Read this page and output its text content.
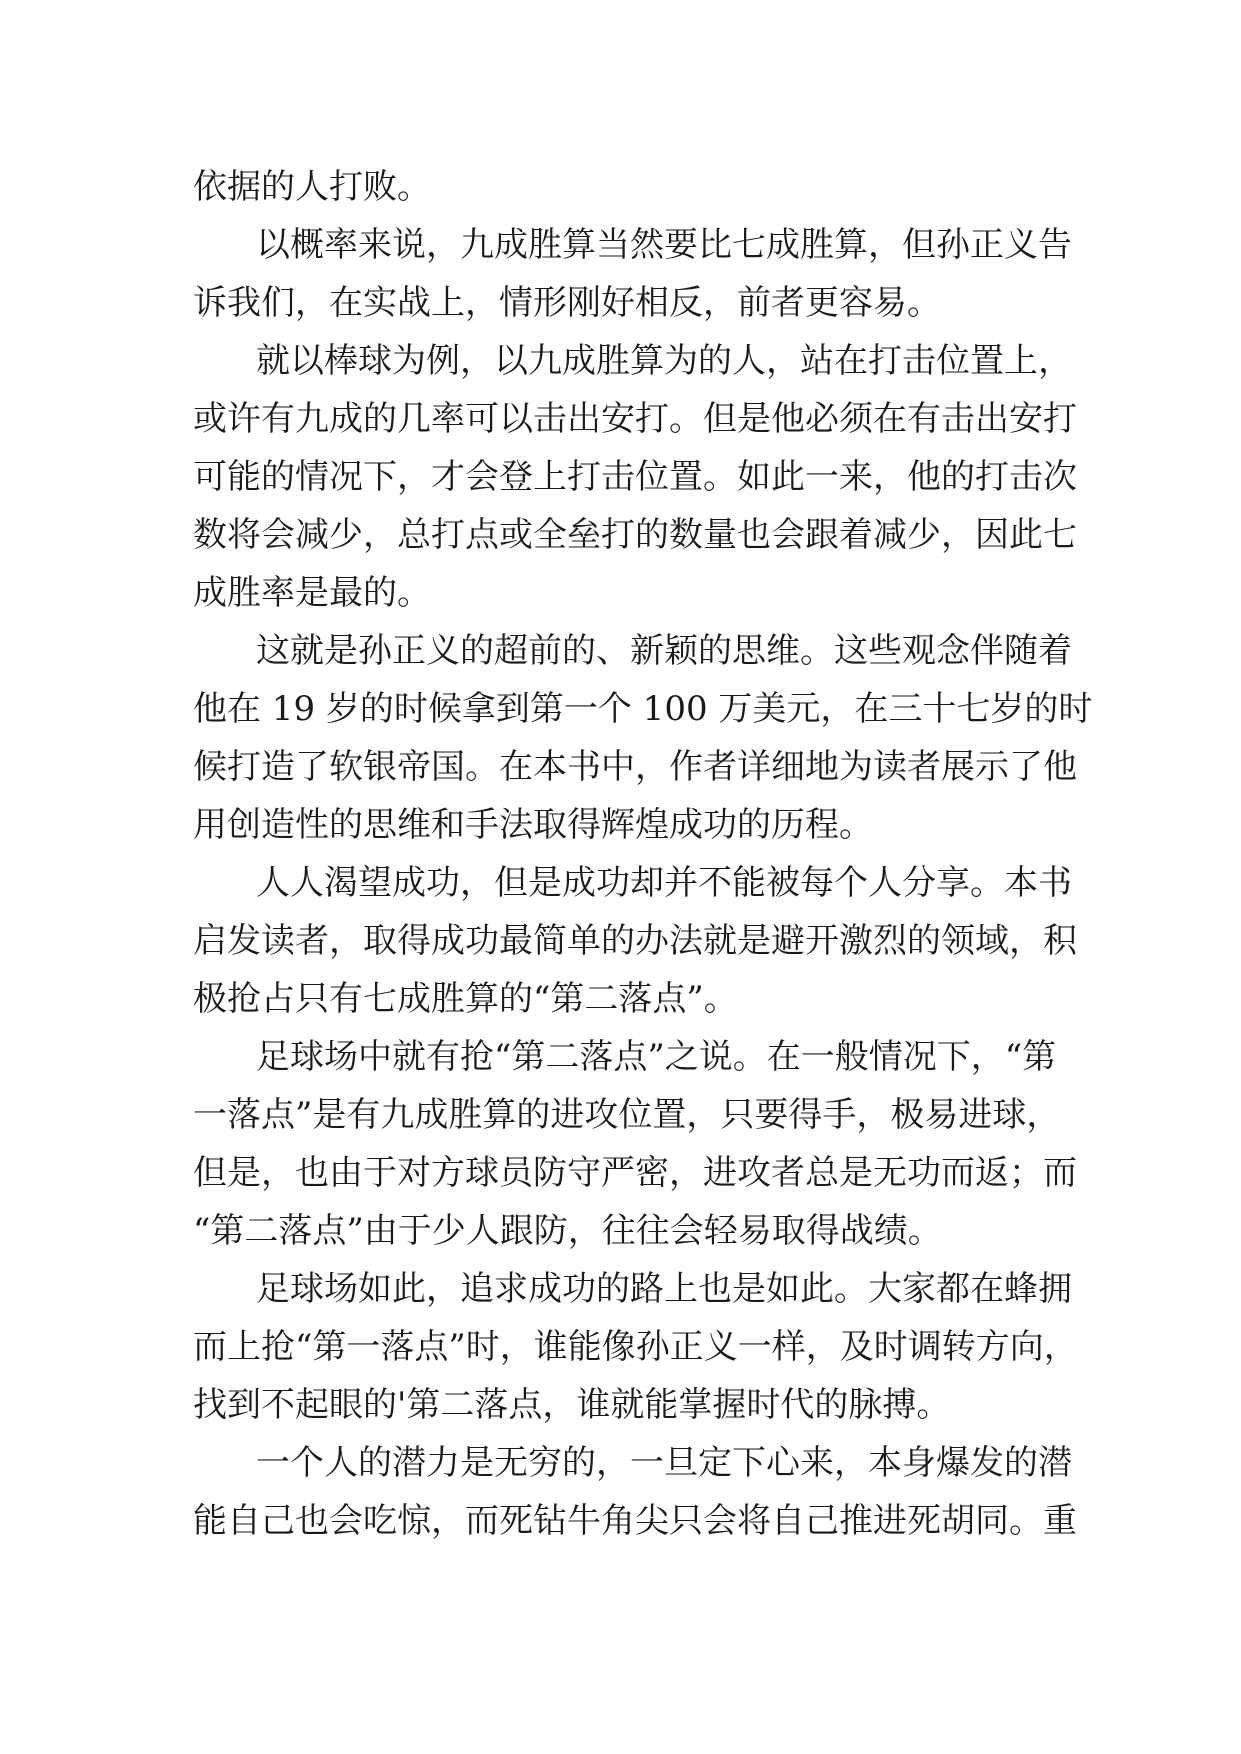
依据的人打败。

以概率来说，九成胜算当然要比七成胜算，但孙正义告

诉我们，在实战上，情形刚好相反，前者更容易。

就以棒球为例，以九成胜算为的人，站在打击位置上，

或许有九成的几率可以击出安打。但是他必须在有击出安打

可能的情况下，才会登上打击位置。如此一来，他的打击次

数将会减少，总打点或全垒打的数量也会跟着减少，因此七

成胜率是最的。

这就是孙正义的超前的、新颖的思维。这些观念伴随着

他在 19 岁的时候拿到第一个 100 万美元，在三十七岁的时

候打造了软银帝国。在本书中，作者详细地为读者展示了他

用创造性的思维和手法取得辉煌成功的历程。

人人渴望成功，但是成功却并不能被每个人分享。本书

启发读者，取得成功最简单的办法就是避开激烈的领域，积

极抢占只有七成胜算的“第二落点”。

足球场中就有抢“第二落点”之说。在一般情况下，“第

一落点”是有九成胜算的进攻位置，只要得手，极易进球，

但是，也由于对方球员防守严密，进攻者总是无功而返；而

“第二落点”由于少人跟防，往往会轻易取得战绩。

足球场如此，追求成功的路上也是如此。大家都在蜂拥

而上抢“第一落点”时，谁能像孙正义一样，及时调转方向，

找到不起眼的'第二落点，谁就能掌握时代的脉搏。

一个人的潜力是无穷的，一旦定下心来，本身爆发的潜

能自己也会吃惊，而死钻牛角尖只会将自己推进死胡同。重
